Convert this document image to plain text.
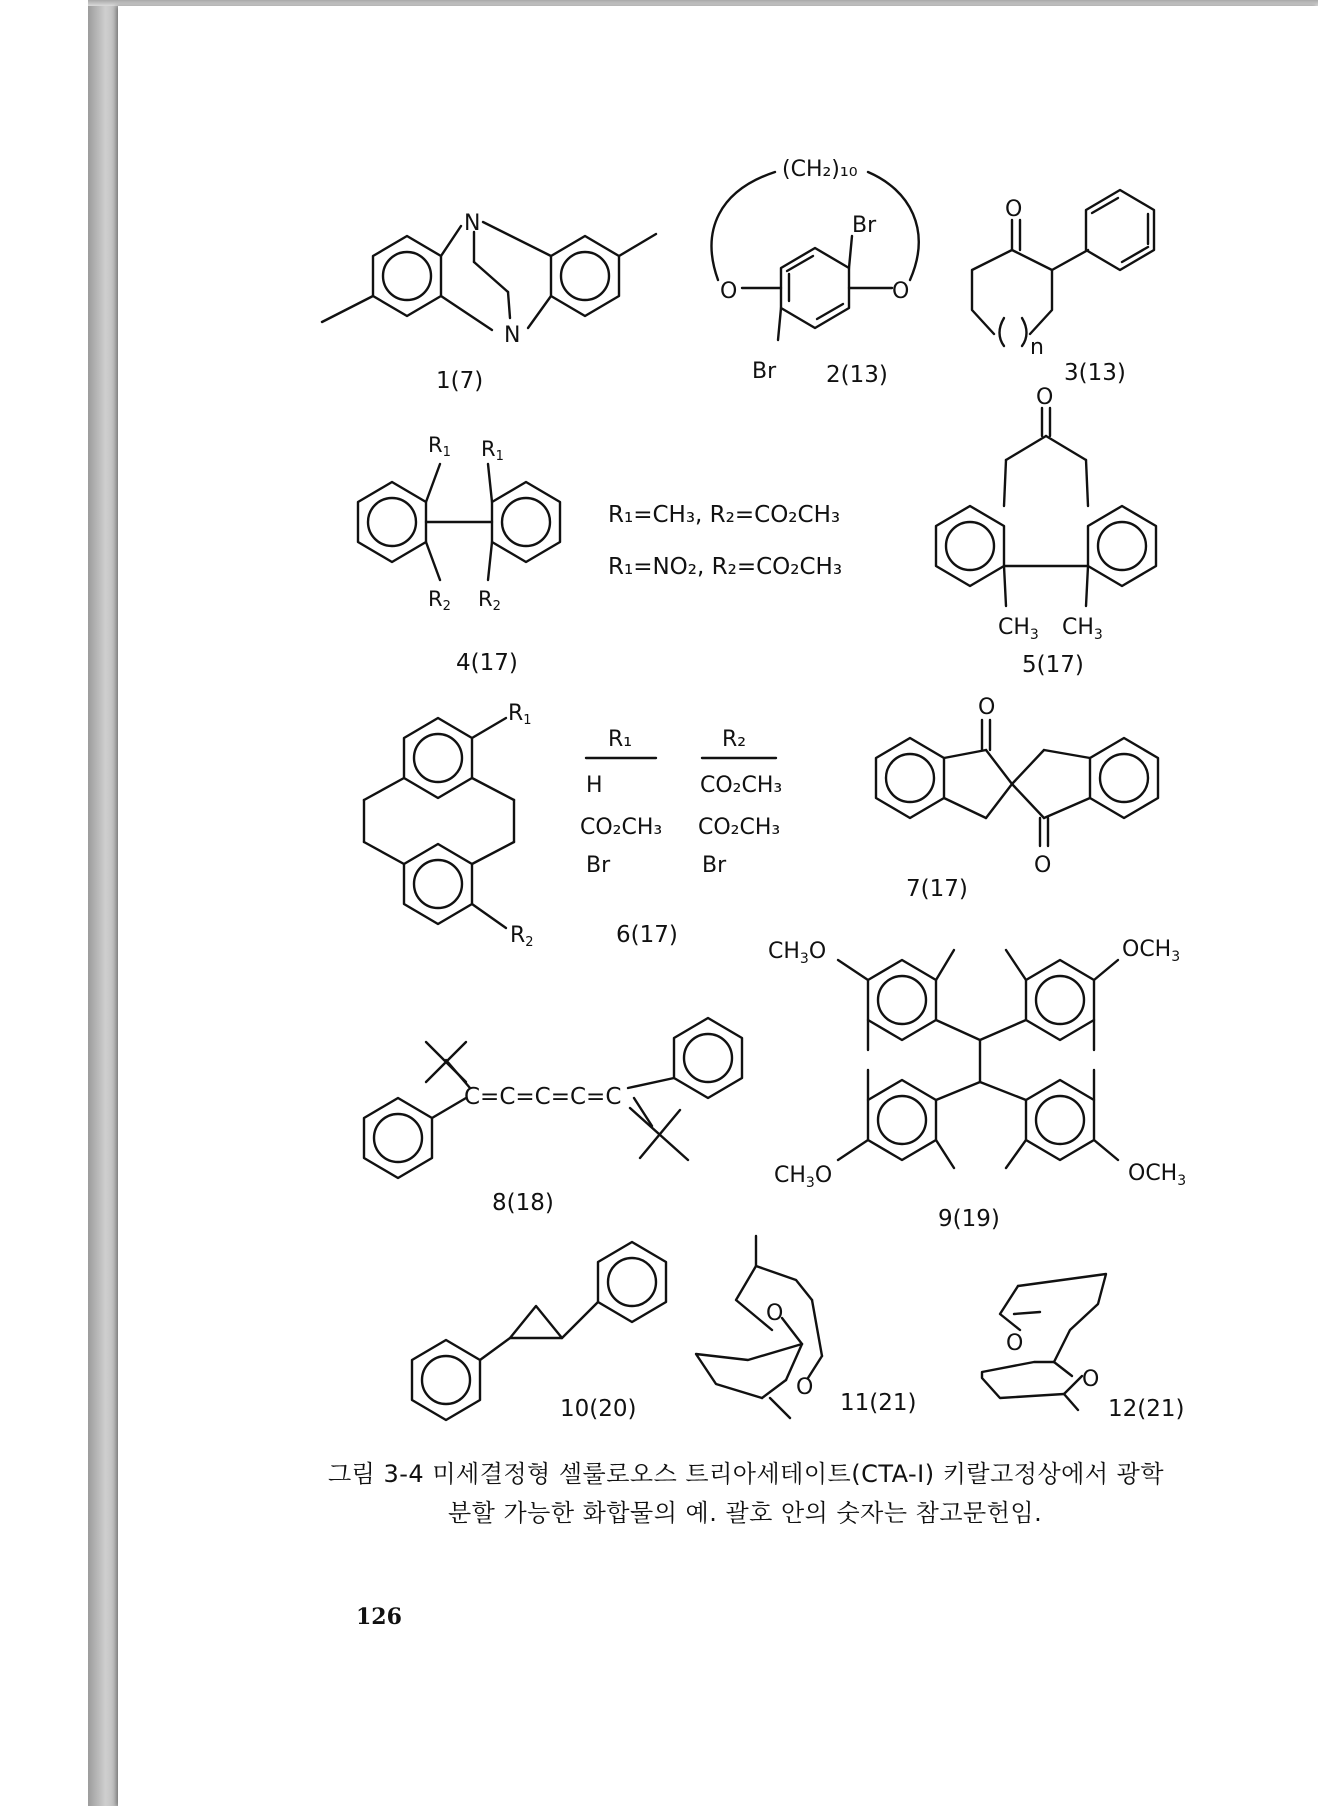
N
N
(CH₂)₁₀
Br
Br
O	O
O
n
R1 R1
R2 R2
R₁=CH₃, R₂=CO₂CH₃
R₁=NO₂, R₂=CO₂CH₃
O
$CH_3$ $CH_3$
R1
R2
R₁	R₂
H	CO₂CH₃
CO₂CH₃ CO₂CH₃
Br	Br
O
O
C=C=C=C=C
$CH_3O$	$OCH_3$
$CH_3O$	$OCH_3$
O
O
O
O
1(7)	2(13)	3(13)
4(17)	5(17)
6(17)
7(17)
8(18)
9(19)
10(20)	11(21)	12(21)
그림 3-4 미세결정형 셀룰로오스 트리아세테이트(CTA-I) 키랄고정상에서 광학
분할 가능한 화합물의 예. 괄호 안의 숫자는 참고문헌임.
126
